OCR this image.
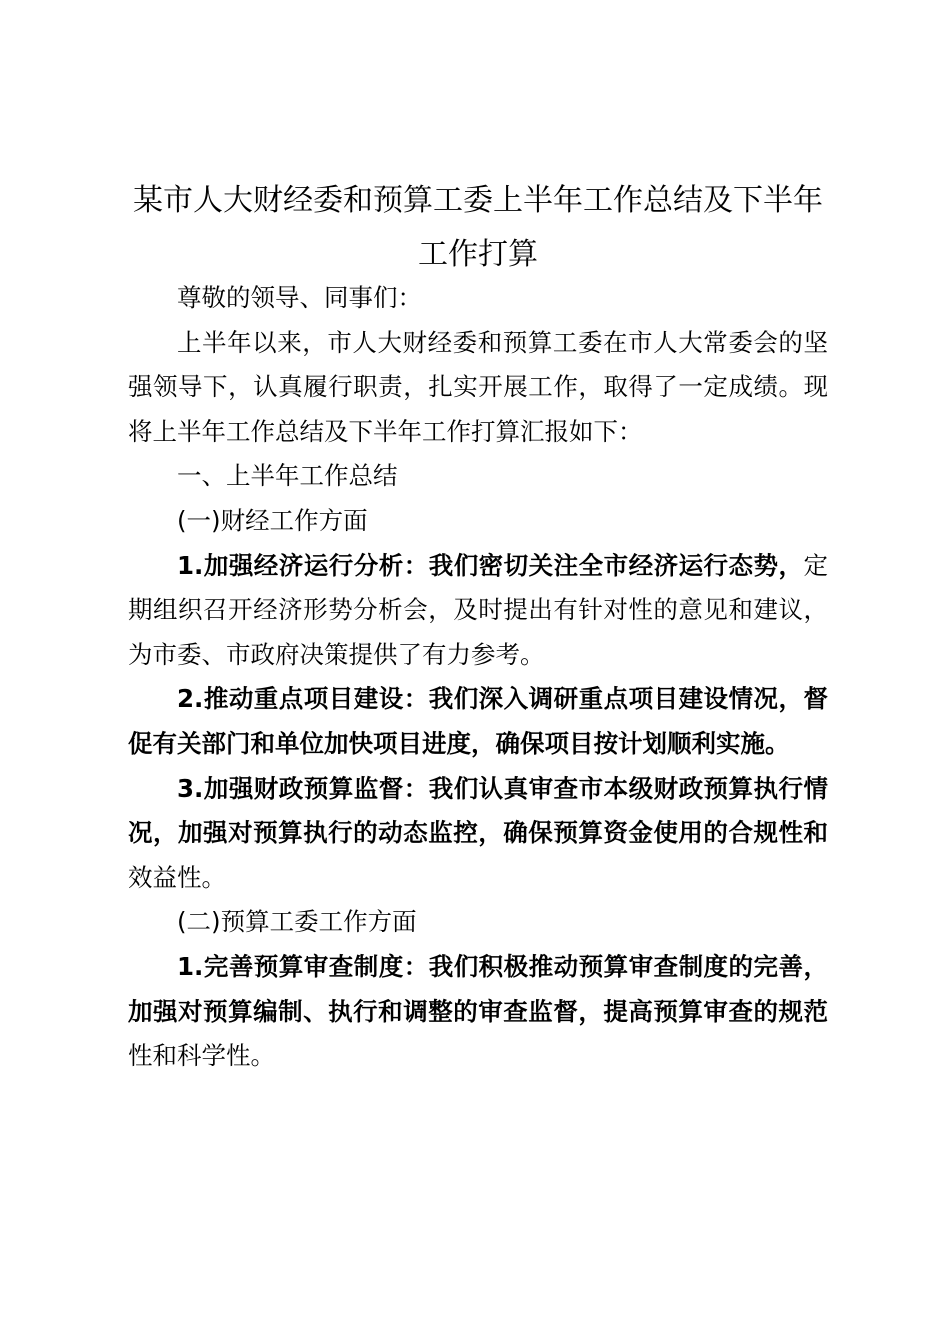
某市人大财经委和预算工委上半年工作总结及下半年工作打算

尊敬的领导、同事们：

上半年以来，市人大财经委和预算工委在市人大常委会的坚强领导下，认真履行职责，扎实开展工作，取得了一定成绩。现将上半年工作总结及下半年工作打算汇报如下：

一、上半年工作总结

(一)财经工作方面

1.加强经济运行分析：我们密切关注全市经济运行态势，定期组织召开经济形势分析会，及时提出有针对性的意见和建议，为市委、市政府决策提供了有力参考。

2.推动重点项目建设：我们深入调研重点项目建设情况，督促有关部门和单位加快项目进度，确保项目按计划顺利实施。

3.加强财政预算监督：我们认真审查市本级财政预算执行情况，加强对预算执行的动态监控，确保预算资金使用的合规性和效益性。

(二)预算工委工作方面

1.完善预算审查制度：我们积极推动预算审查制度的完善，加强对预算编制、执行和调整的审查监督，提高预算审查的规范性和科学性。
